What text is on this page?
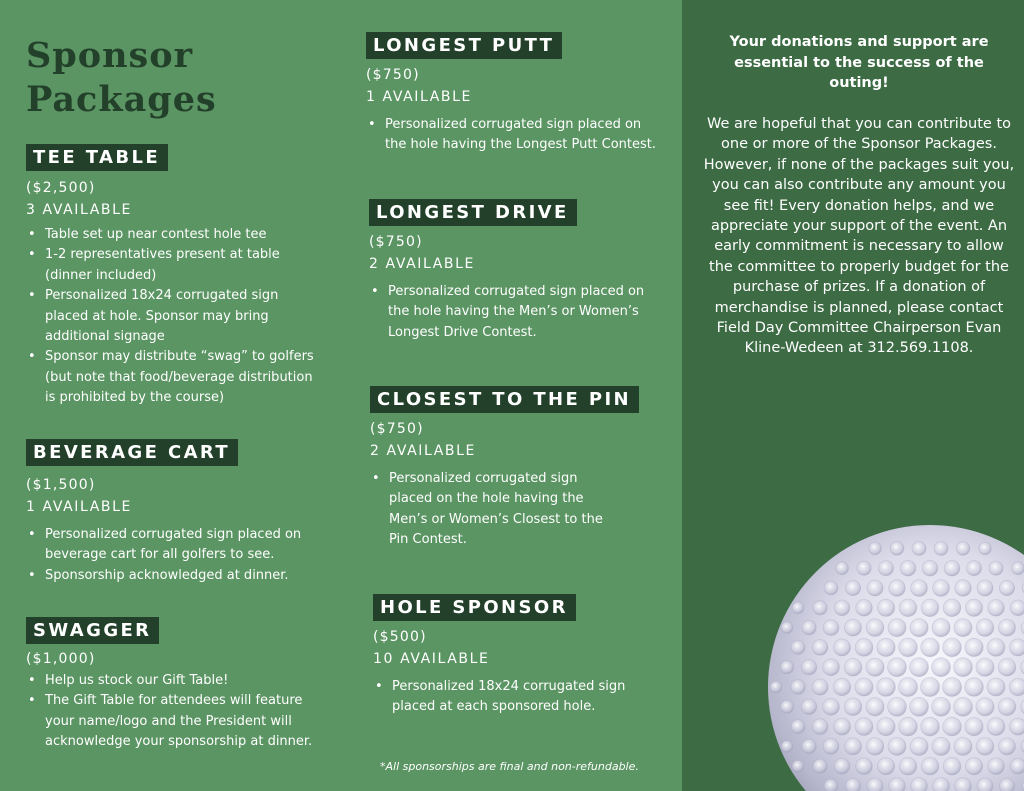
Sponsor
Packages
TEE TABLE
($2,500)
3 AVAILABLE
• Table set up near contest hole tee
• 1-2 representatives present at table (dinner included)
• Personalized 18x24 corrugated sign placed at hole. Sponsor may bring additional signage
• Sponsor may distribute “swag” to golfers (but note that food/beverage distribution is prohibited by the course)
BEVERAGE CART
($1,500)
1 AVAILABLE
• Personalized corrugated sign placed on beverage cart for all golfers to see.
• Sponsorship acknowledged at dinner.
SWAGGER
($1,000)
• Help us stock our Gift Table!
• The Gift Table for attendees will feature your name/logo and the President will acknowledge your sponsorship at dinner.
LONGEST PUTT
($750)
1 AVAILABLE
• Personalized corrugated sign placed on the hole having the Longest Putt Contest.
LONGEST DRIVE
($750)
2 AVAILABLE
• Personalized corrugated sign placed on the hole having the Men’s or Women’s Longest Drive Contest.
CLOSEST TO THE PIN
($750)
2 AVAILABLE
• Personalized corrugated sign placed on the hole having the Men’s or Women’s Closest to the Pin Contest.
HOLE SPONSOR
($500)
10 AVAILABLE
• Personalized 18x24 corrugated sign placed at each sponsored hole.
*All sponsorships are final and non-refundable.

Your donations and support are essential to the success of the outing!

We are hopeful that you can contribute to one or more of the Sponsor Packages. However, if none of the packages suit you, you can also contribute any amount you see fit! Every donation helps, and we appreciate your support of the event. An early commitment is necessary to allow the committee to properly budget for the purchase of prizes. If a donation of merchandise is planned, please contact Field Day Committee Chairperson Evan Kline-Wedeen at 312.569.1108.
